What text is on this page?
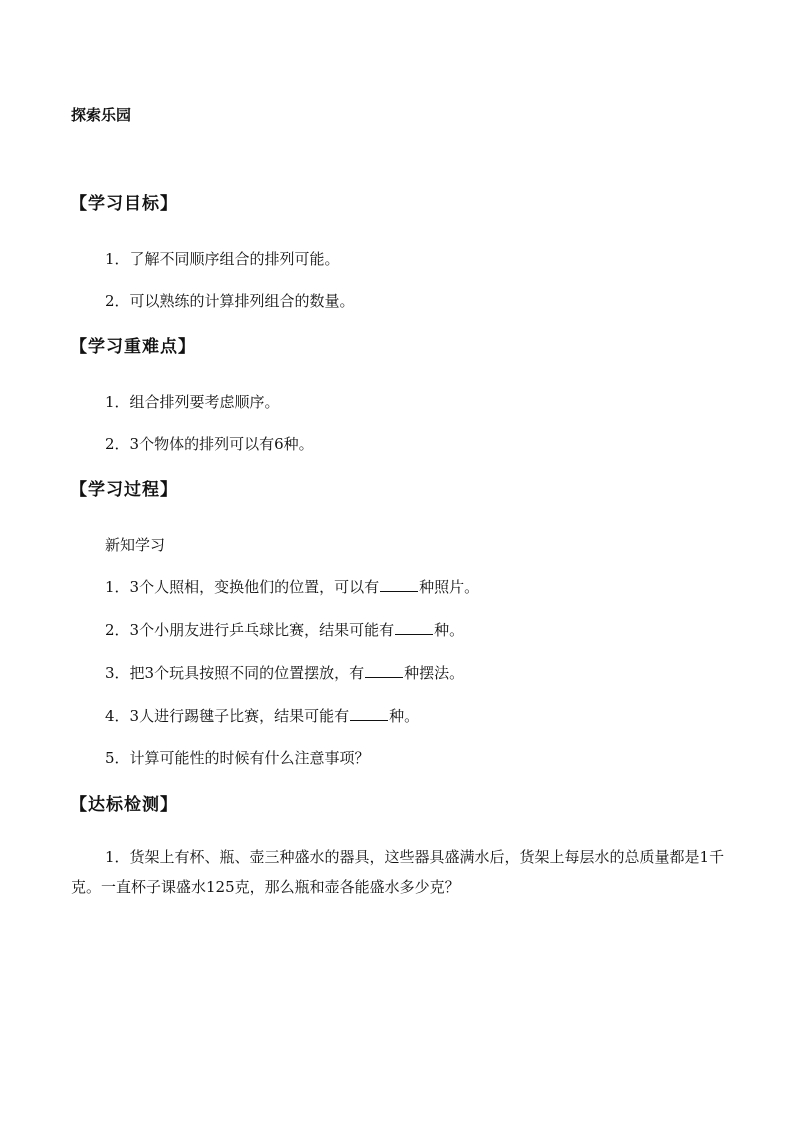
探索乐园
【学习目标】
1．了解不同顺序组合的排列可能。
2．可以熟练的计算排列组合的数量。
【学习重难点】
1．组合排列要考虑顺序。
2．3个物体的排列可以有6种。
【学习过程】
新知学习
1．3个人照相，变换他们的位置，可以有	种照片。
2．3个小朋友进行乒乓球比赛，结果可能有	种。
3．把3个玩具按照不同的位置摆放，有	种摆法。
4．3人进行踢毽子比赛，结果可能有	种。
5．计算可能性的时候有什么注意事项？
【达标检测】
1．货架上有杯、瓶、壶三种盛水的器具，这些器具盛满水后，货架上每层水的总质量都是1千克。一直杯子课盛水125克，那么瓶和壶各能盛水多少克？
